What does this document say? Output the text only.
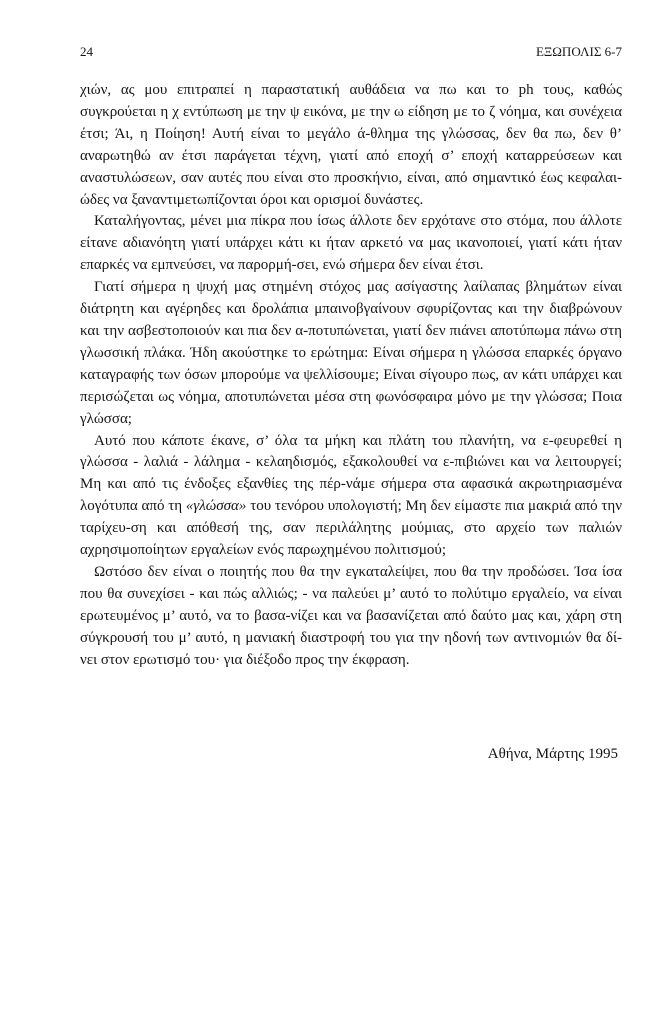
24	ΕΞΩΠΟΛΙΣ 6-7

χιών, ας μου επιτραπεί η παραστατική αυθάδεια να πω και το ph τους, καθώς συγκρούεται η χ εντύπωση με την ψ εικόνα, με την ω είδηση με το ζ νόημα, και συνέχεια έτσι; Άι, η Ποίηση! Αυτή είναι το μεγάλο ά-θλημα της γλώσσας, δεν θα πω, δεν θ’ αναρωτηθώ αν έτσι παράγεται τέχνη, γιατί από εποχή σ’ εποχή καταρρεύσεων και αναστυλώσεων, σαν αυτές που είναι στο προσκήνιο, είναι, από σημαντικό έως κεφαλαι-ώδες να ξαναντιμετωπίζονται όροι και ορισμοί δυνάστες.

Καταλήγοντας, μένει μια πίκρα που ίσως άλλοτε δεν ερχότανε στο στόμα, που άλλοτε είτανε αδιανόητη γιατί υπάρχει κάτι κι ήταν αρκετό να μας ικανοποιεί, γιατί κάτι ήταν επαρκές να εμπνεύσει, να παρορμή-σει, ενώ σήμερα δεν είναι έτσι.

Γιατί σήμερα η ψυχή μας στημένη στόχος μας ασίγαστης λαίλαπας βλημάτων είναι διάτρητη και αγέρηδες και δρολάπια μπαινοβγαίνουν σφυρίζοντας και την διαβρώνουν και την ασβεστοποιούν και πια δεν α-ποτυπώνεται, γιατί δεν πιάνει αποτύπωμα πάνω στη γλωσσική πλάκα. Ήδη ακούστηκε το ερώτημα: Είναι σήμερα η γλώσσα επαρκές όργανο καταγραφής των όσων μπορούμε να ψελλίσουμε; Είναι σίγουρο πως, αν κάτι υπάρχει και περισώζεται ως νόημα, αποτυπώνεται μέσα στη φωνόσφαιρα μόνο με την γλώσσα; Ποια γλώσσα;

Αυτό που κάποτε έκανε, σ’ όλα τα μήκη και πλάτη του πλανήτη, να ε-φευρεθεί η γλώσσα - λαλιά - λάλημα - κελαηδισμός, εξακολουθεί να ε-πιβιώνει και να λειτουργεί; Μη και από τις ένδοξες εξανθίες της πέρ-νάμε σήμερα στα αφασικά ακρωτηριασμένα λογότυπα από τη «γλώσσα» του τενόρου υπολογιστή; Μη δεν είμαστε πια μακριά από την ταρίχευ-ση και απόθεσή της, σαν περιλάλητης μούμιας, στο αρχείο των παλιών αχρησιμοποίητων εργαλείων ενός παρωχημένου πολιτισμού;

Ωστόσο δεν είναι ο ποιητής που θα την εγκαταλείψει, που θα την προδώσει. Ίσα ίσα που θα συνεχίσει - και πώς αλλιώς; - να παλεύει μ’ αυτό το πολύτιμο εργαλείο, να είναι ερωτευμένος μ’ αυτό, να το βασα-νίζει και να βασανίζεται από δαύτο μας και, χάρη στη σύγκρουσή του μ’ αυτό, η μανιακή διαστροφή του για την ηδονή των αντινομιών θα δί-νει στον ερωτισμό του· για διέξοδο προς την έκφραση.

Αθήνα, Μάρτης 1995
